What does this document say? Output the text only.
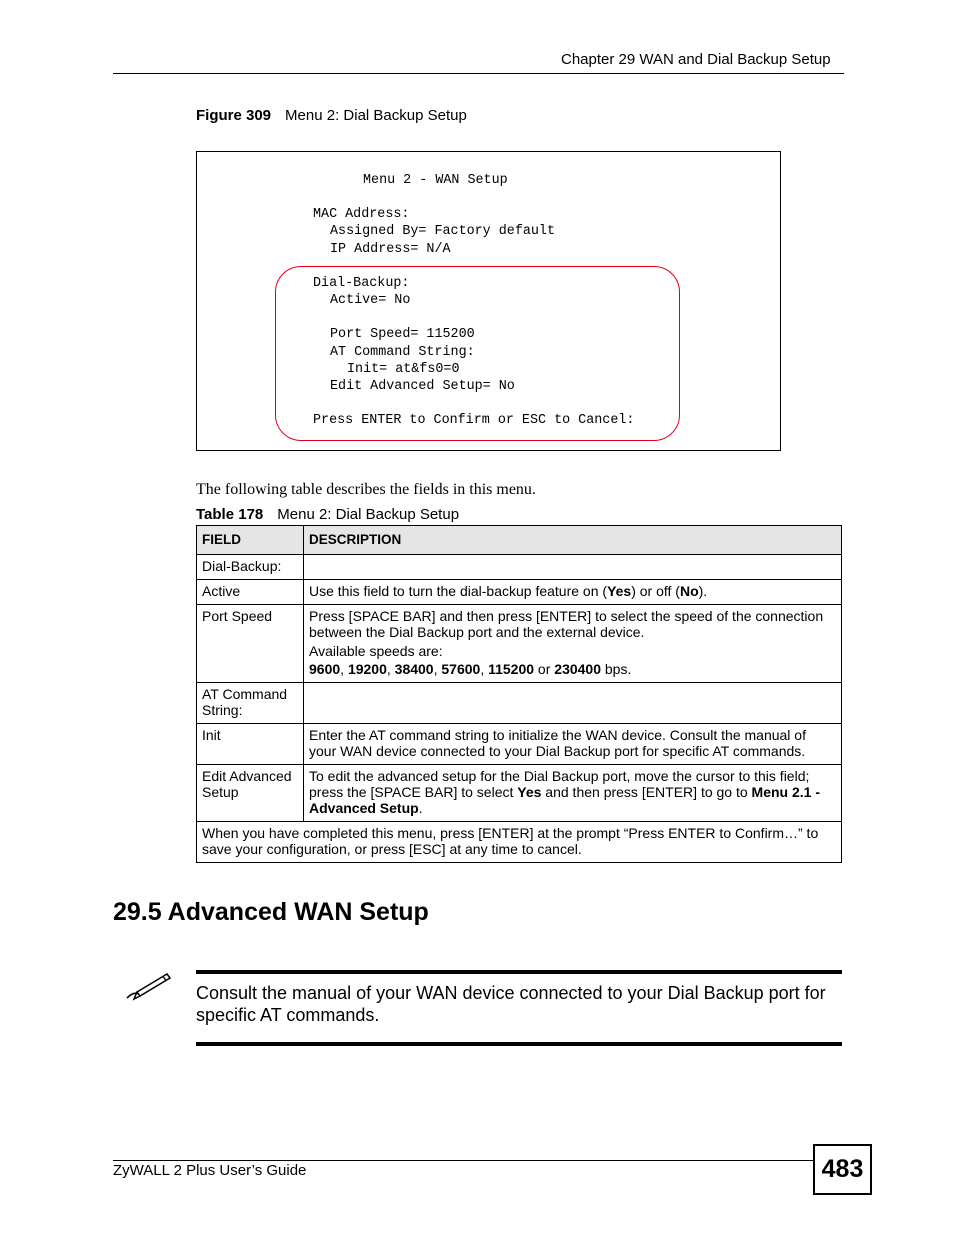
Chapter 29 WAN and Dial Backup Setup
Figure 309 Menu 2: Dial Backup Setup
Menu 2 - WAN Setup
MAC Address:
Assigned By= Factory default
IP Address= N/A
Dial-Backup:
Active= No
Port Speed= 115200
AT Command String:
Init= at&fs0=0
Edit Advanced Setup= No
Press ENTER to Confirm or ESC to Cancel:
The following table describes the fields in this menu.
Table 178 Menu 2: Dial Backup Setup
FIELD	DESCRIPTION
Dial-Backup:	
Active	Use this field to turn the dial-backup feature on (Yes) or off (No).
Port Speed	Press [SPACE BAR] and then press [ENTER] to select the speed of the connection between the Dial Backup port and the external device.

Available speeds are:

9600, 19200, 38400, 57600, 115200 or 230400 bps.

AT Command String:	
Init	Enter the AT command string to initialize the WAN device. Consult the manual of your WAN device connected to your Dial Backup port for specific AT commands.
Edit Advanced Setup	To edit the advanced setup for the Dial Backup port, move the cursor to this field; press the [SPACE BAR] to select Yes and then press [ENTER] to go to Menu 2.1 - Advanced Setup.
When you have completed this menu, press [ENTER] at the prompt “Press ENTER to Confirm…” to save your configuration, or press [ESC] at any time to cancel.	
29.5 Advanced WAN Setup
Consult the manual of your WAN device connected to your Dial Backup port for specific AT commands.
ZyWALL 2 Plus User’s Guide	483
